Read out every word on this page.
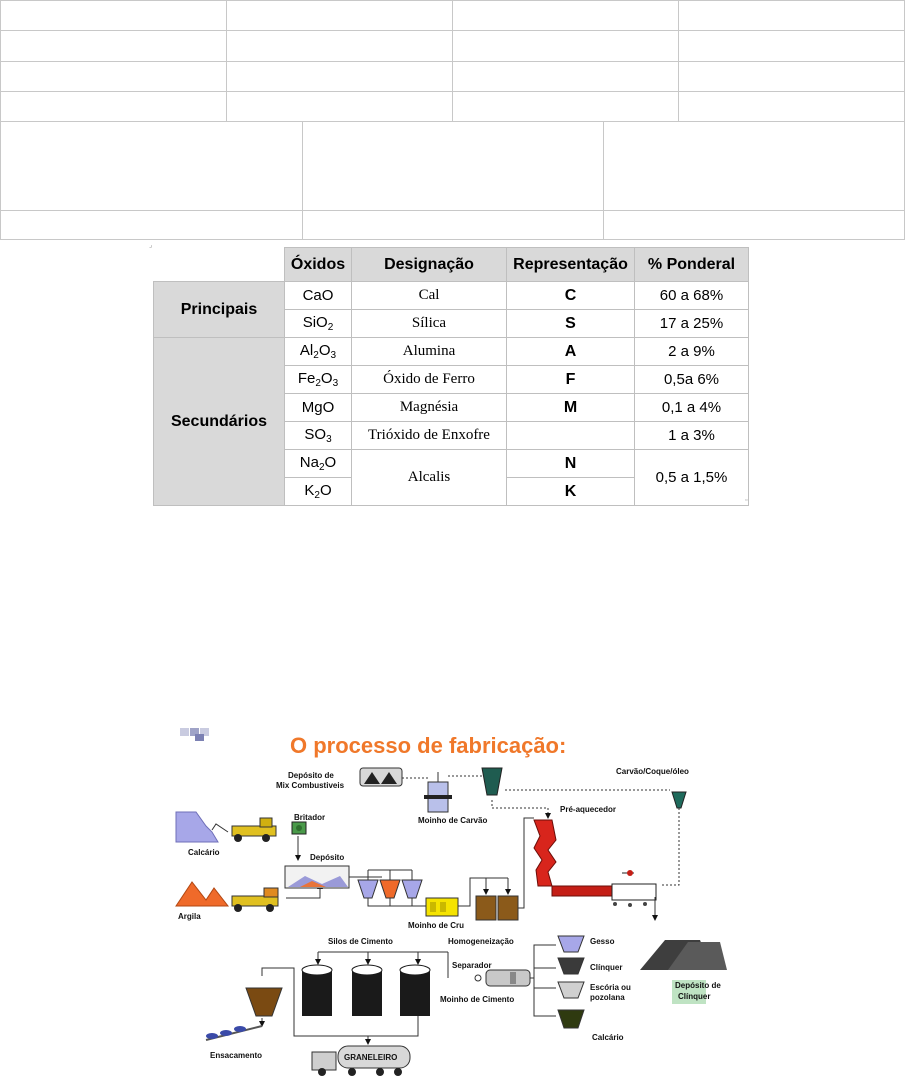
⌟
▫
	Óxidos	Designação	Representação	% Ponderal
Principais	CaO	Cal	C	60 a 68%
	SiO$_2$	Sílica	S	17 a 25%
Secundários	$Al_2O_3$	Alumina	A	2 a 9%
	$Fe_2O_3$	Óxido de Ferro	F	0,5a 6%
	MgO	Magnésia	M	0,1 a 4%
	$SO_3$	Trióxido de Enxofre		1 a 3%
	$Na_2O$	Alcalis	N	0,5 a 1,5%
	$K_2O$		K	
O processo de fabricação:
Depósito de
Mix Combustiveis
Moinho de Carvão
Carvão/Coque/óleo
Pré-aquecedor
Depósito de
Clínquer
Calcário
Britador
Argila
Depósito
Moinho de Cru
Homogeneização
Silos de Cimento
Separador
Moinho de Cimento
Gesso
Clínquer
Escória ou
pozolana
Calcário
Ensacamento	GRANELEIRO
